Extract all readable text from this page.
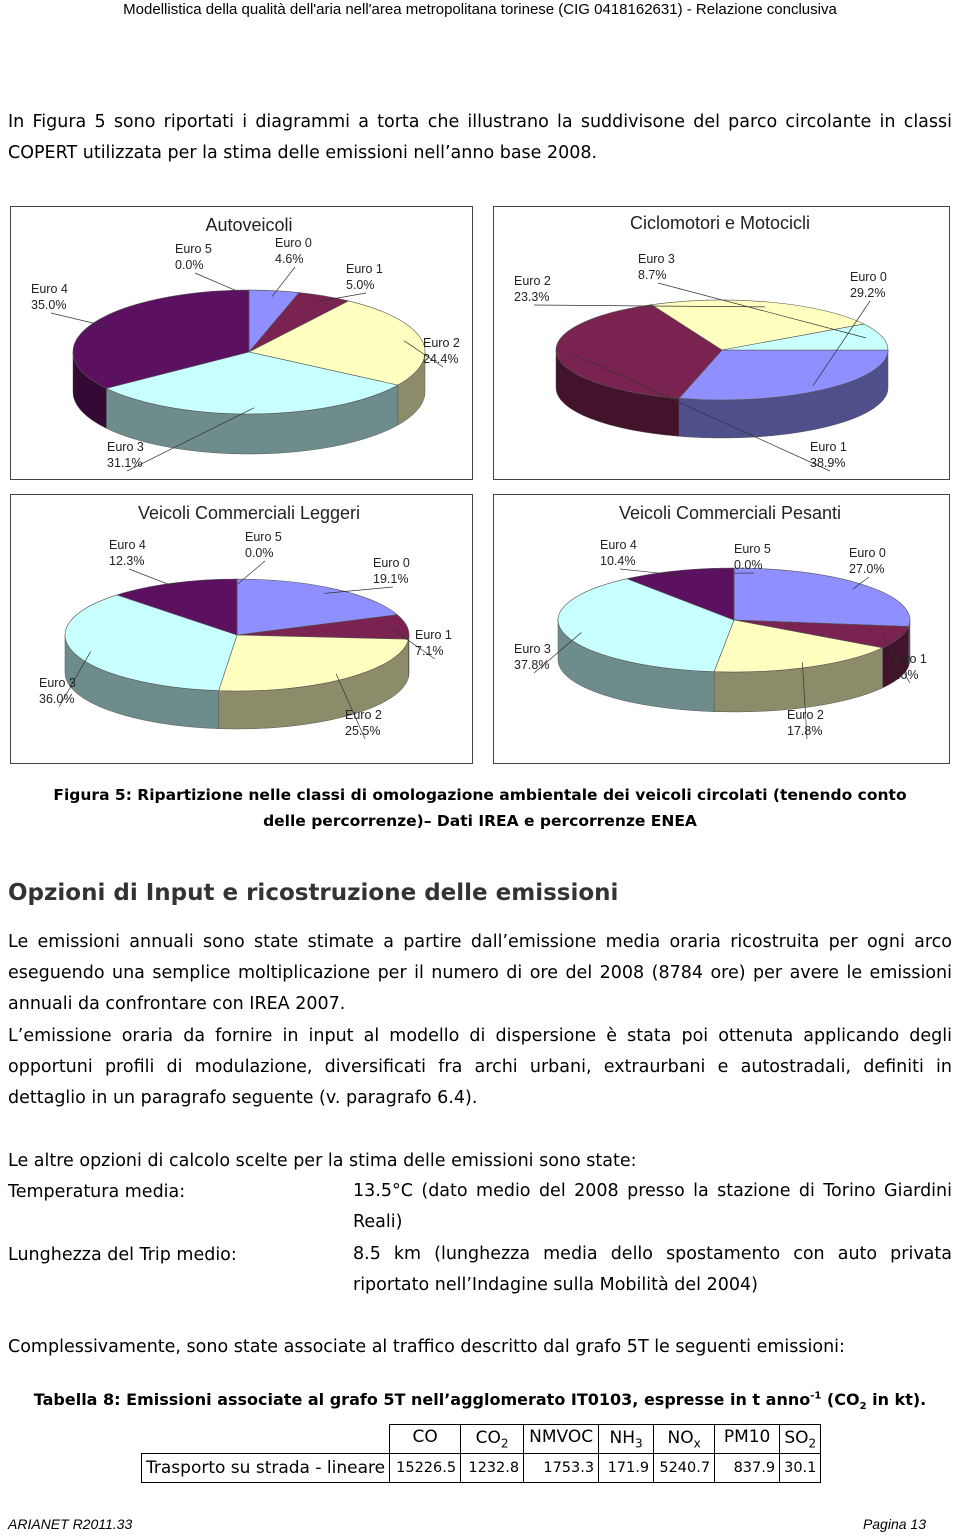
Modellistica della qualità dell'aria nell'area metropolitana torinese (CIG 0418162631) - Relazione conclusiva
In Figura 5 sono riportati i diagrammi a torta che illustrano la suddivisone del parco circolante in classi COPERT utilizzata per la stima delle emissioni nell’anno base 2008.
Autoveicoli
Euro 0
4.6%
Euro 1
5.0%
Euro 2
24.4%
Euro 3
31.1%
Euro 4
35.0%
Euro 5
0.0%
Ciclomotori e Motocicli
Euro 0
29.2%
Euro 1
38.9%
Euro 2
23.3%
Euro 3
8.7%
Veicoli Commerciali Leggeri
Euro 0
19.1%
Euro 1
7.1%
Euro 2
25.5%
Euro 3
36.0%
Euro 4
12.3%
Euro 5
0.0%
Veicoli Commerciali Pesanti
Euro 0
27.0%
Euro 1
7.0%
Euro 2
17.8%
Euro 3
37.8%
Euro 4
10.4%
Euro 5
0.0%
Figura 5: Ripartizione nelle classi di omologazione ambientale dei veicoli circolati (tenendo conto
delle percorrenze)– Dati IREA e percorrenze ENEA
Opzioni di Input e ricostruzione delle emissioni
Le emissioni annuali sono state stimate a partire dall’emissione media oraria ricostruita per ogni arco eseguendo una semplice moltiplicazione per il numero di ore del 2008 (8784 ore) per avere le emissioni annuali da confrontare con IREA 2007.
L’emissione oraria da fornire in input al modello di dispersione è stata poi ottenuta applicando degli opportuni profili di modulazione, diversificati fra archi urbani, extraurbani e autostradali, definiti in dettaglio in un paragrafo seguente (v. paragrafo 6.4).
Le altre opzioni di calcolo scelte per la stima delle emissioni sono state:
Temperatura media:	13.5°C (dato medio del 2008 presso la stazione di Torino Giardini Reali)
Lunghezza del Trip medio:	8.5 km (lunghezza media dello spostamento con auto privata riportato nell’Indagine sulla Mobilità del 2004)
Complessivamente, sono state associate al traffico descritto dal grafo 5T le seguenti emissioni:
Tabella 8: Emissioni associate al grafo 5T nell’agglomerato IT0103, espresse in t anno$^{-1}$ ($CO_2$ in kt).
	CO	$CO_2$	NMVOC	$NH_3$	$NO_x$	PM10	$SO_2$
Trasporto su strada - lineare	15226.5	1232.8	1753.3	171.9	5240.7	837.9	30.1
ARIANET R2011.33	Pagina 13
